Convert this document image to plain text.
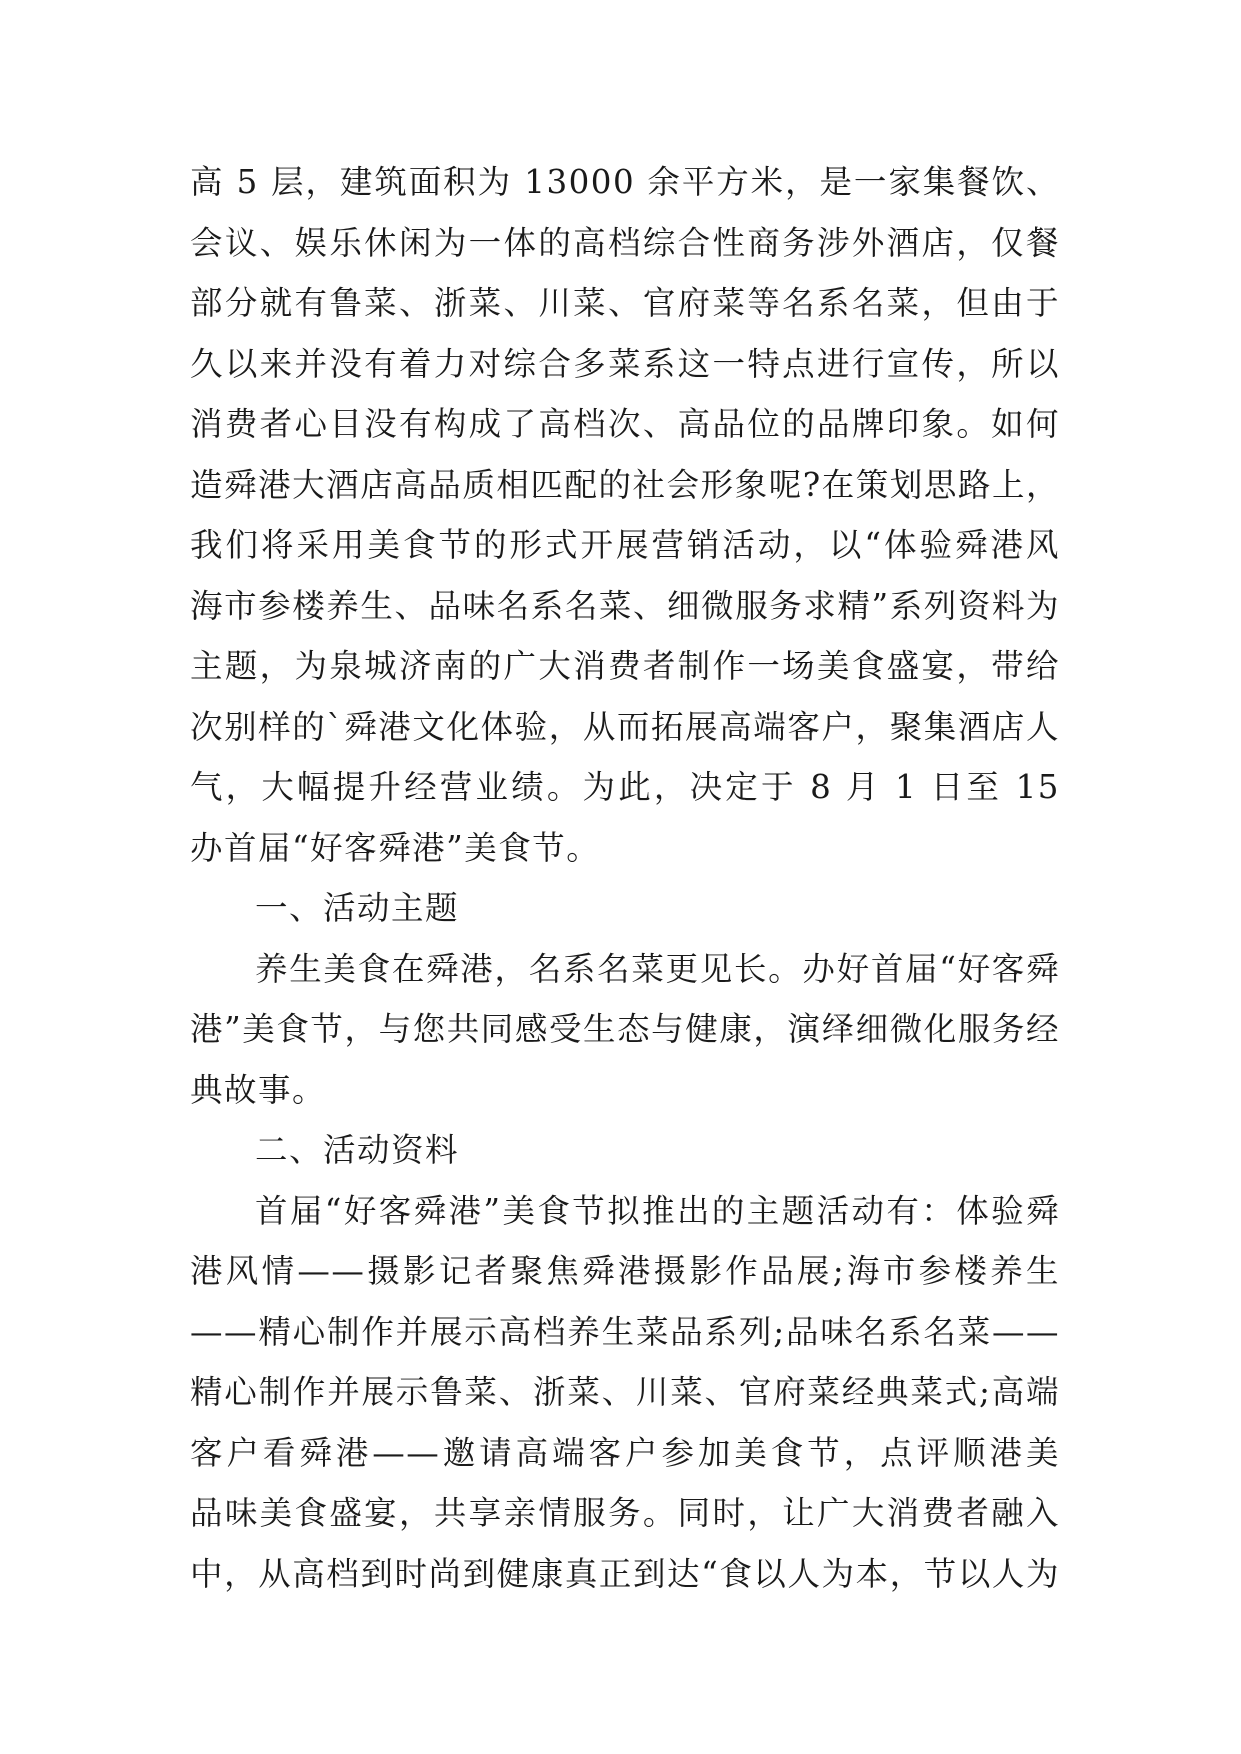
高 5 层，建筑面积为 13000 余平方米，是一家集餐饮、
会议、娱乐休闲为一体的高档综合性商务涉外酒店，仅餐
部分就有鲁菜、浙菜、川菜、官府菜等名系名菜，但由于
久以来并没有着力对综合多菜系这一特点进行宣传，所以
消费者心目没有构成了高档次、高品位的品牌印象。如何
造舜港大酒店高品质相匹配的社会形象呢?在策划思路上，
我们将采用美食节的形式开展营销活动，以“体验舜港风
海市参楼养生、品味名系名菜、细微服务求精”系列资料为
主题，为泉城济南的广大消费者制作一场美食盛宴，带给
次别样的`舜港文化体验，从而拓展高端客户，聚集酒店人
气，大幅提升经营业绩。为此，决定于 8 月 1 日至 15
办首届“好客舜港”美食节。
一、活动主题
养生美食在舜港，名系名菜更见长。办好首届“好客舜
港”美食节，与您共同感受生态与健康，演绎细微化服务经
典故事。
二、活动资料
首届“好客舜港”美食节拟推出的主题活动有：体验舜
港风情——摄影记者聚焦舜港摄影作品展;海市参楼养生
——精心制作并展示高档养生菜品系列;品味名系名菜——
精心制作并展示鲁菜、浙菜、川菜、官府菜经典菜式;高端
客户看舜港——邀请高端客户参加美食节，点评顺港美
品味美食盛宴，共享亲情服务。同时，让广大消费者融入
中，从高档到时尚到健康真正到达“食以人为本，节以人为
